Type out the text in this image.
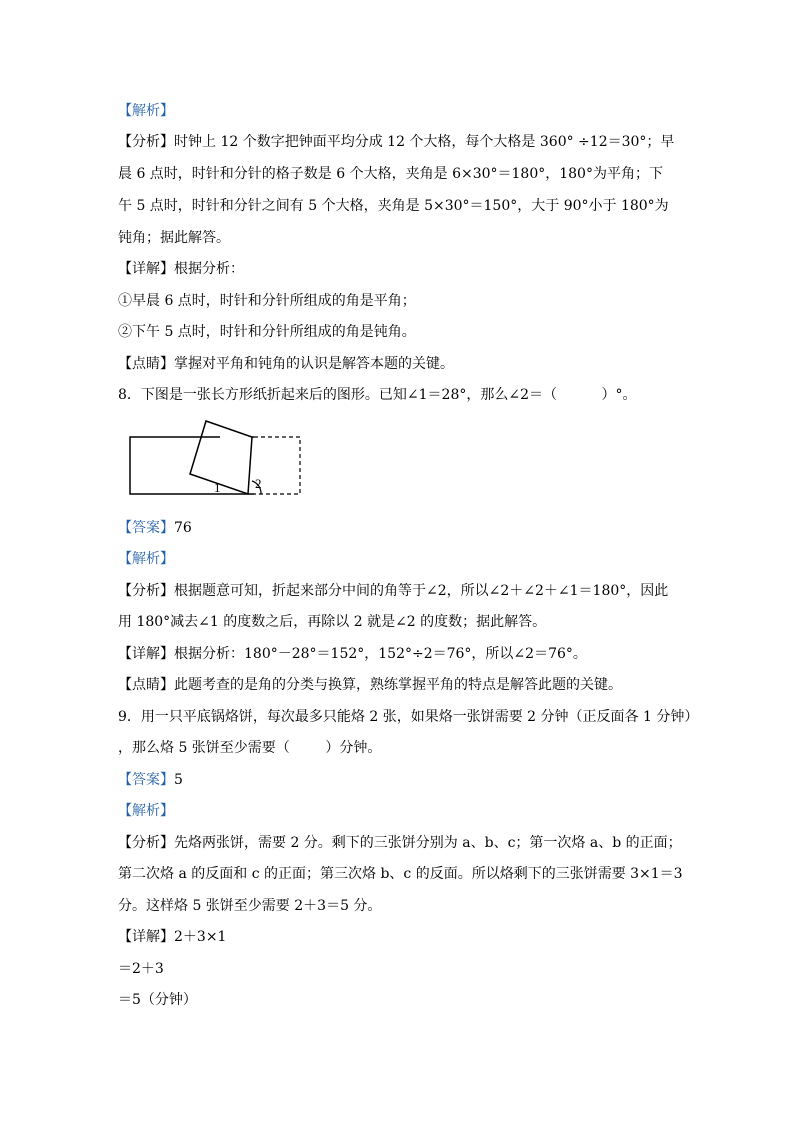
【解析】
【分析】时钟上 12 个数字把钟面平均分成 12 个大格，每个大格是 360° ÷12＝30°；早
晨 6 点时，时针和分针的格子数是 6 个大格，夹角是 6×30°＝180°，180°为平角；下
午 5 点时，时针和分针之间有 5 个大格，夹角是 5×30°＝150°，大于 90°小于 180°为
钝角；据此解答。
【详解】根据分析：
①早晨 6 点时，时针和分针所组成的角是平角；
②下午 5 点时，时针和分针所组成的角是钝角。
【点睛】掌握对平角和钝角的认识是解答本题的关键。
8．下图是一张长方形纸折起来后的图形。已知∠1＝28°，那么∠2＝（          ）°。
1	2
【答案】76
【解析】
【分析】根据题意可知，折起来部分中间的角等于∠2，所以∠2＋∠2＋∠1＝180°，因此
用 180°减去∠1 的度数之后，再除以 2 就是∠2 的度数；据此解答。
【详解】根据分析：180°－28°＝152°，152°÷2＝76°，所以∠2＝76°。
【点睛】此题考查的是角的分类与换算，熟练掌握平角的特点是解答此题的关键。
9．用一只平底锅烙饼，每次最多只能烙 2 张，如果烙一张饼需要 2 分钟（正反面各 1 分钟）
，那么烙 5 张饼至少需要（        ）分钟。
【答案】5
【解析】
【分析】先烙两张饼，需要 2 分。剩下的三张饼分别为 a、b、c；第一次烙 a、b 的正面；
第二次烙 a 的反面和 c 的正面；第三次烙 b、c 的反面。所以烙剩下的三张饼需要 3×1＝3
分。这样烙 5 张饼至少需要 2＋3＝5 分。
【详解】2＋3×1
＝2＋3
＝5（分钟）
